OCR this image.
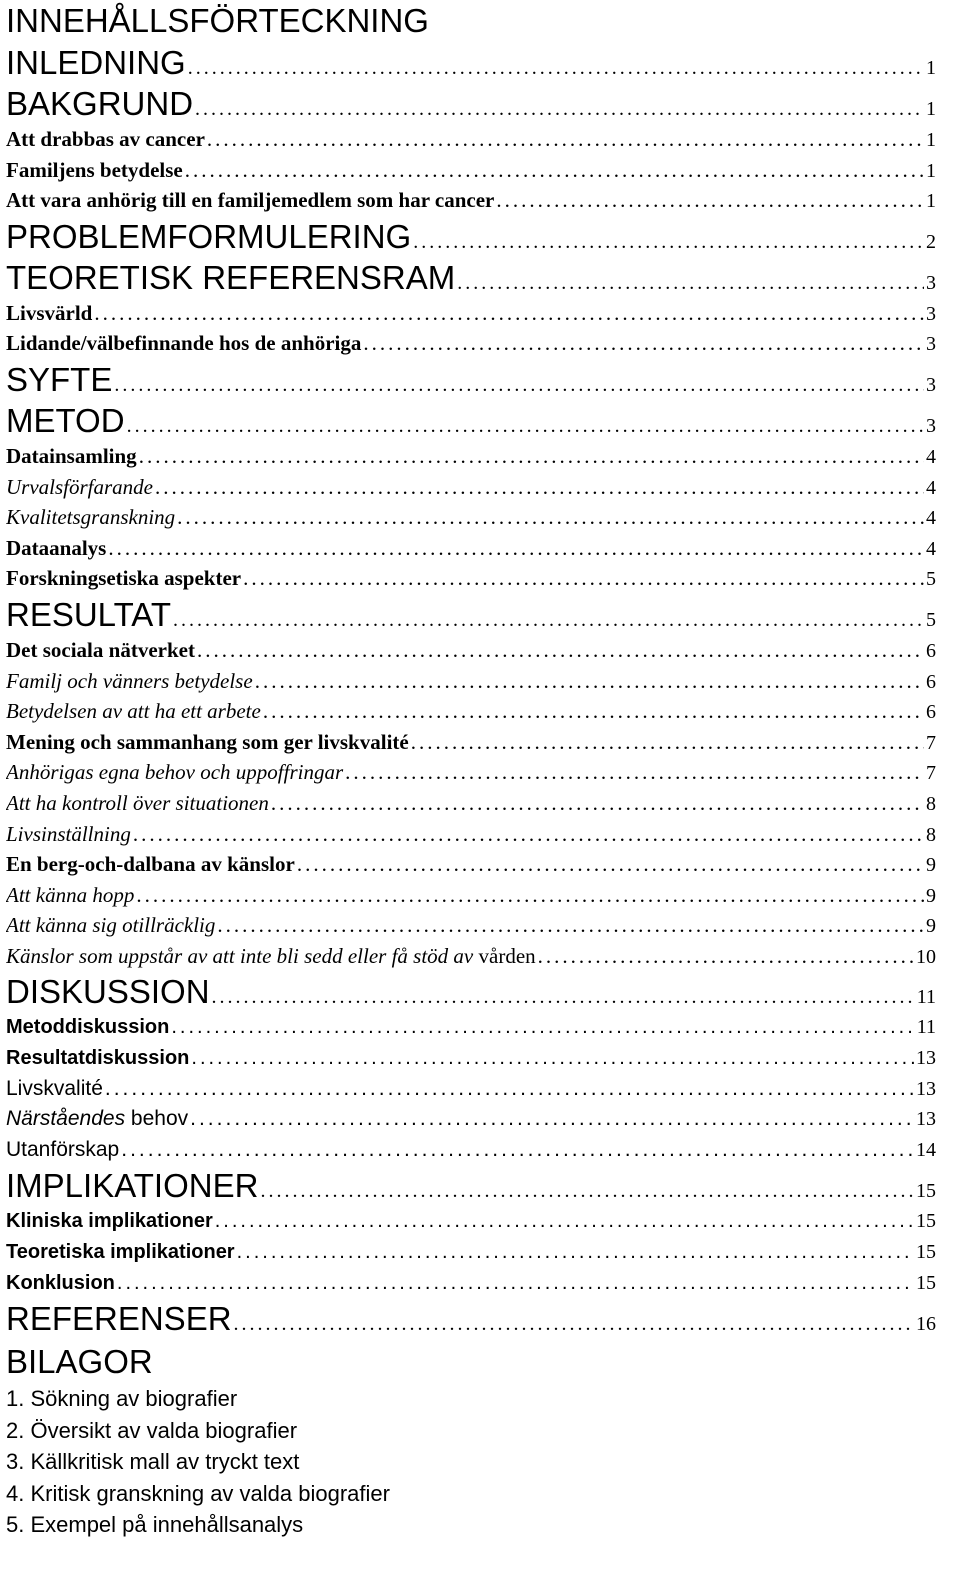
INNEHÅLLSFÖRTECKNING
INLEDNING .....	1
BAKGRUND .....	1
Att drabbas av cancer .....	1
Familjens betydelse .....	1
Att vara anhörig till en familjemedlem som har cancer .....	1
PROBLEMFORMULERING .....	2
TEORETISK REFERENSRAM .....	3
Livsvärld .....	3
Lidande/välbefinnande hos de anhöriga .....	3
SYFTE .....	3
METOD .....	3
Datainsamling .....	4
Urvalsförfarande .....	4
Kvalitetsgranskning .....	4
Dataanalys .....	4
Forskningsetiska aspekter .....	5
RESULTAT .....	5
Det sociala nätverket .....	6
Familj och vänners betydelse .....	6
Betydelsen av att ha ett arbete .....	6
Mening och sammanhang som ger livskvalité .....	7
Anhörigas egna behov och uppoffringar .....	7
Att ha kontroll över situationen .....	8
Livsinställning .....	8
En berg-och-dalbana av känslor .....	9
Att känna hopp .....	9
Att känna sig otillräcklig .....	9
Känslor som uppstår av att inte bli sedd eller få stöd av vården .....	10
DISKUSSION .....	11
Metoddiskussion .....	11
Resultatdiskussion .....	13
Livskvalité .....	13
Närståendes behov .....	13
Utanförskap .....	14
IMPLIKATIONER .....	15
Kliniska implikationer .....	15
Teoretiska implikationer .....	15
Konklusion .....	15
REFERENSER .....	16
BILAGOR
1. Sökning av biografier
2. Översikt av valda biografier
3. Källkritisk mall av tryckt text
4. Kritisk granskning av valda biografier
5. Exempel på innehållsanalys
